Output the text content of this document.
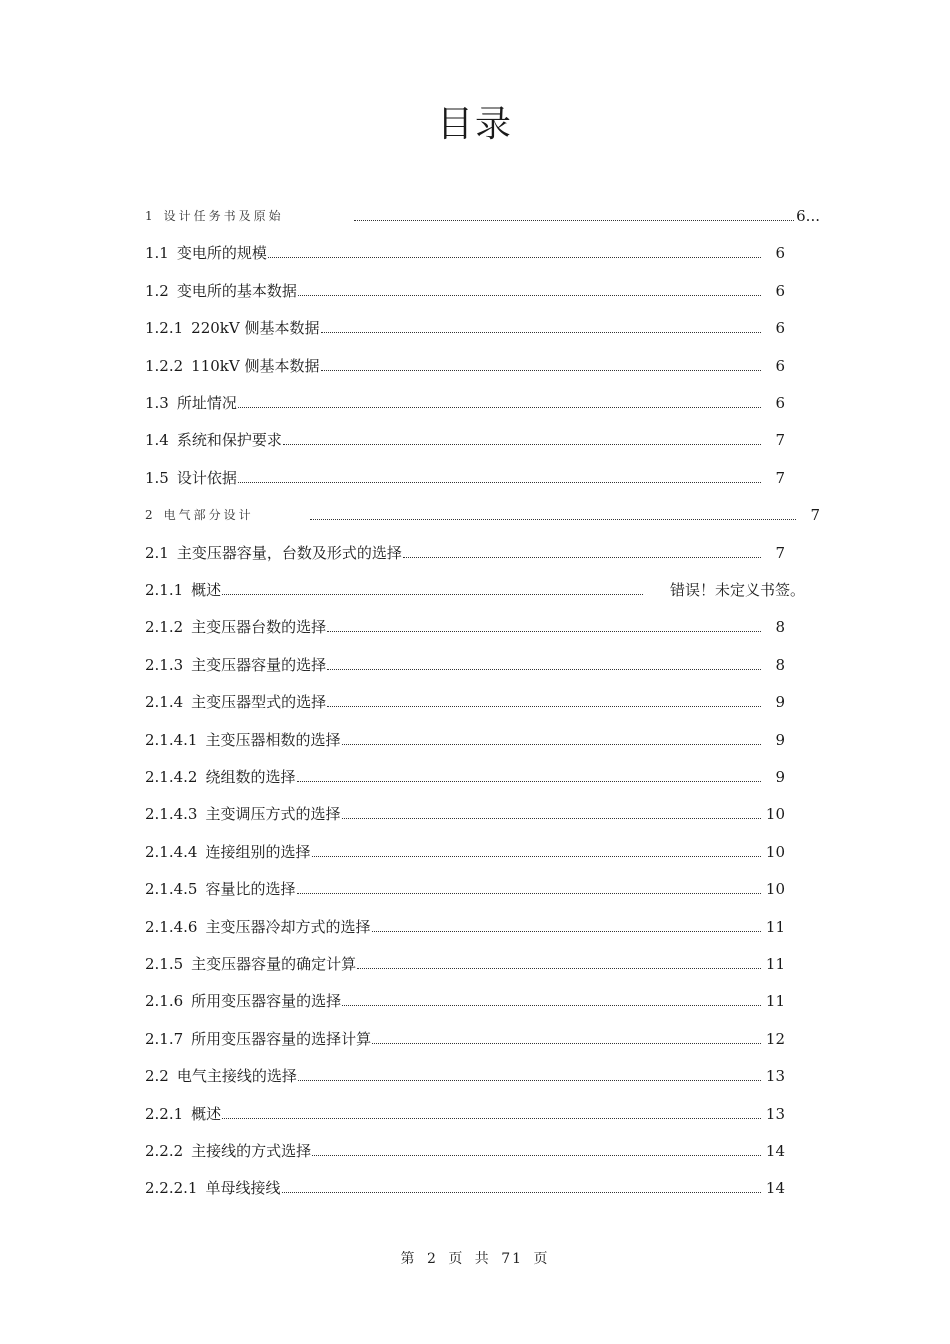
目录
1 设计任务书及原始	6...
1.1 变电所的规模	6
1.2 变电所的基本数据	6
1.2.1 220kV 侧基本数据	6
1.2.2 110kV 侧基本数据	6
1.3 所址情况	6
1.4 系统和保护要求	7
1.5 设计依据	7
2 电气部分设计	7
2.1 主变压器容量，台数及形式的选择	7
2.1.1 概述	错误！未定义书签。
2.1.2 主变压器台数的选择	8
2.1.3 主变压器容量的选择	8
2.1.4 主变压器型式的选择	9
2.1.4.1 主变压器相数的选择	9
2.1.4.2 绕组数的选择	9
2.1.4.3 主变调压方式的选择	10
2.1.4.4 连接组别的选择	10
2.1.4.5 容量比的选择	10
2.1.4.6 主变压器冷却方式的选择	11
2.1.5 主变压器容量的确定计算	11
2.1.6 所用变压器容量的选择	11
2.1.7 所用变压器容量的选择计算	12
2.2 电气主接线的选择	13
2.2.1 概述	13
2.2.2 主接线的方式选择	14
2.2.2.1 单母线接线	14
第 2 页 共 71 页
